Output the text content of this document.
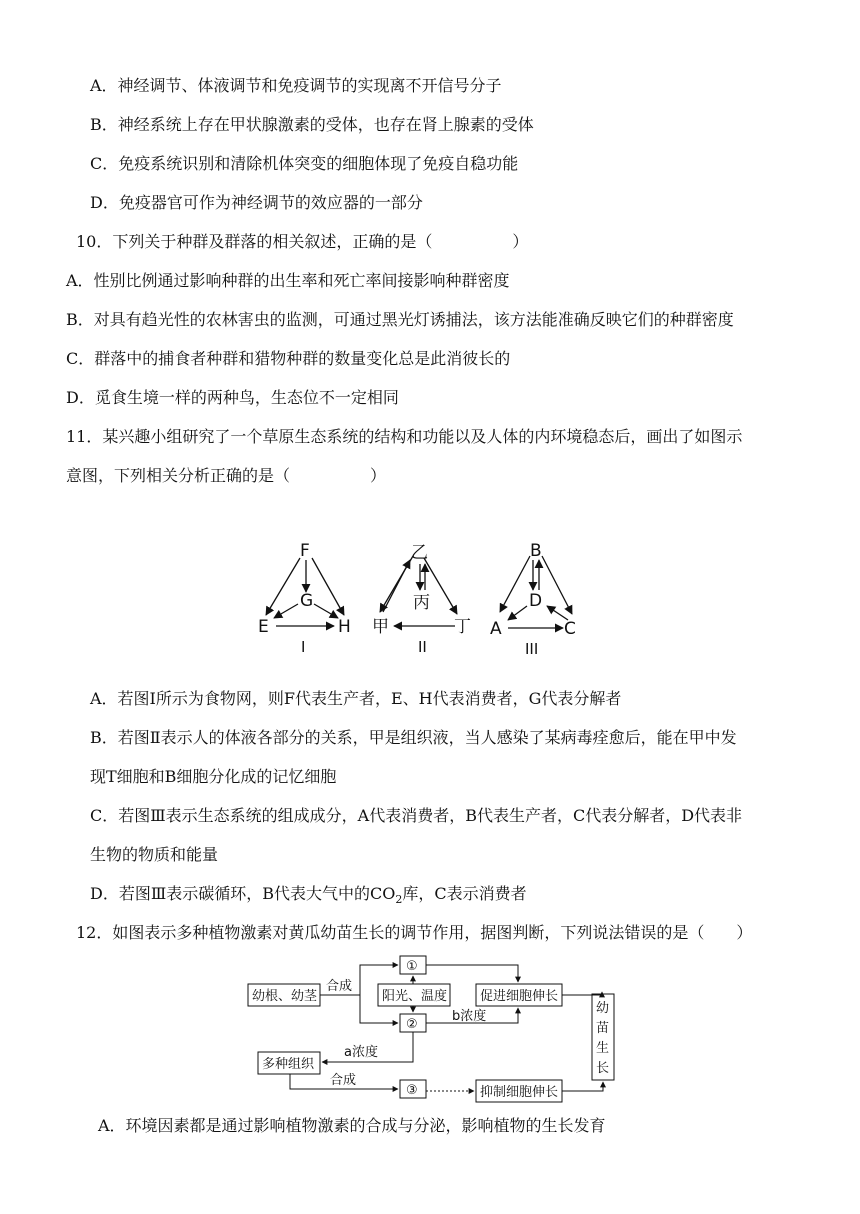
A．神经调节、体液调节和免疫调节的实现离不开信号分子
B．神经系统上存在甲状腺激素的受体，也存在肾上腺素的受体
C．免疫系统识别和清除机体突变的细胞体现了免疫自稳功能
D．免疫器官可作为神经调节的效应器的一部分
10．下列关于种群及群落的相关叙述，正确的是（　　　　　）
A．性别比例通过影响种群的出生率和死亡率间接影响种群密度
B．对具有趋光性的农林害虫的监测，可通过黑光灯诱捕法，该方法能准确反映它们的种群密度
C．群落中的捕食者种群和猎物种群的数量变化总是此消彼长的
D．觅食生境一样的两种鸟，生态位不一定相同
11．某兴趣小组研究了一个草原生态系统的结构和功能以及人体的内环境稳态后，画出了如图示
意图，下列相关分析正确的是（　　　　　）
F
G
E	H
I
乙
丙
甲	丁
II
B
D
A	C
III
A．若图Ⅰ所示为食物网，则F代表生产者，E、H代表消费者，G代表分解者
B．若图Ⅱ表示人的体液各部分的关系，甲是组织液，当人感染了某病毒痊愈后，能在甲中发
现T细胞和B细胞分化成的记忆细胞
C．若图Ⅲ表示生态系统的组成成分，A代表消费者，B代表生产者，C代表分解者，D代表非
生物的物质和能量
D．若图Ⅲ表示碳循环，B代表大气中的$CO_2$库，C表示消费者
12．如图表示多种植物激素对黄瓜幼苗生长的调节作用，据图判断，下列说法错误的是（　　）
幼根、幼茎
合成
①
阳光、温度
②
促进细胞伸长
b浓度
a浓度
多种组织
合成
③	抑制细胞伸长
幼
苗
生
长
A．环境因素都是通过影响植物激素的合成与分泌，影响植物的生长发育
